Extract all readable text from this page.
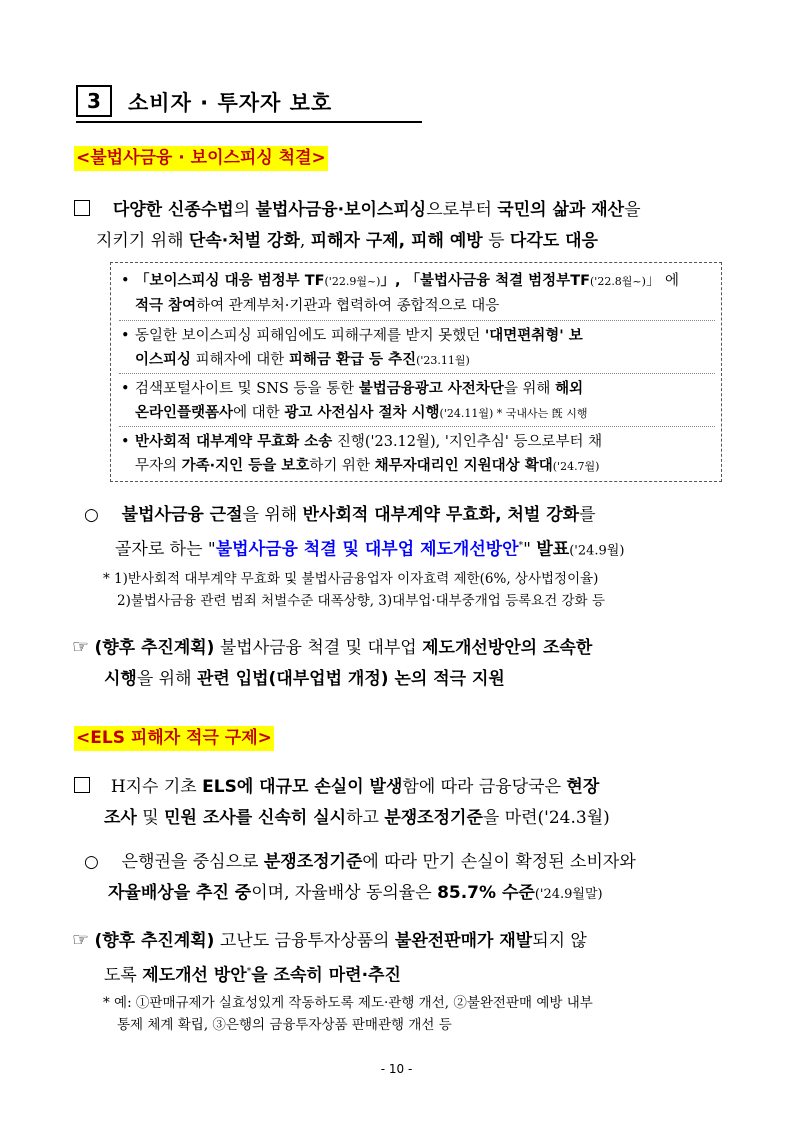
3	소비자 · 투자자 보호
<불법사금융 · 보이스피싱 척결>
다양한 신종수법의 불법사금융·보이스피싱으로부터 국민의 삶과 재산을
지키기 위해 단속·처벌 강화, 피해자 구제, 피해 예방 등 다각도 대응
• 「보이스피싱 대응 범정부 TF('22.9월~)」, 「불법사금융 척결 범정부TF('22.8월~)」 에
적극 참여하여 관계부처·기관과 협력하여 종합적으로 대응
• 동일한 보이스피싱 피해임에도 피해구제를 받지 못했던 '대면편취형' 보
이스피싱 피해자에 대한 피해금 환급 등 추진('23.11월)
• 검색포털사이트 및 SNS 등을 통한 불법금융광고 사전차단을 위해 해외
온라인플랫폼사에 대한 광고 사전심사 절차 시행('24.11월) * 국내사는 旣 시행
• 반사회적 대부계약 무효화 소송 진행('23.12월), '지인추심' 등으로부터 채
무자의 가족·지인 등을 보호하기 위한 채무자대리인 지원대상 확대('24.7월)
○ 불법사금융 근절을 위해 반사회적 대부계약 무효화, 처벌 강화를
골자로 하는 "불법사금융 척결 및 대부업 제도개선방안*" 발표('24.9월)
* 1)반사회적 대부계약 무효화 및 불법사금융업자 이자효력 제한(6%, 상사법정이율)
2)불법사금융 관련 범죄 처벌수준 대폭상향, 3)대부업·대부중개업 등록요건 강화 등
☞ (향후 추진계획) 불법사금융 척결 및 대부업 제도개선방안의 조속한
시행을 위해 관련 입법(대부업법 개정) 논의 적극 지원
<ELS 피해자 적극 구제>
H지수 기초 ELS에 대규모 손실이 발생함에 따라 금융당국은 현장
조사 및 민원 조사를 신속히 실시하고 분쟁조정기준을 마련('24.3월)
○ 은행권을 중심으로 분쟁조정기준에 따라 만기 손실이 확정된 소비자와
자율배상을 추진 중이며, 자율배상 동의율은 85.7% 수준('24.9월말)
☞ (향후 추진계획) 고난도 금융투자상품의 불완전판매가 재발되지 않
도록 제도개선 방안*을 조속히 마련·추진
* 예: ①판매규제가 실효성있게 작동하도록 제도·관행 개선, ②불완전판매 예방 내부
통제 체계 확립, ③은행의 금융투자상품 판매관행 개선 등
- 10 -
